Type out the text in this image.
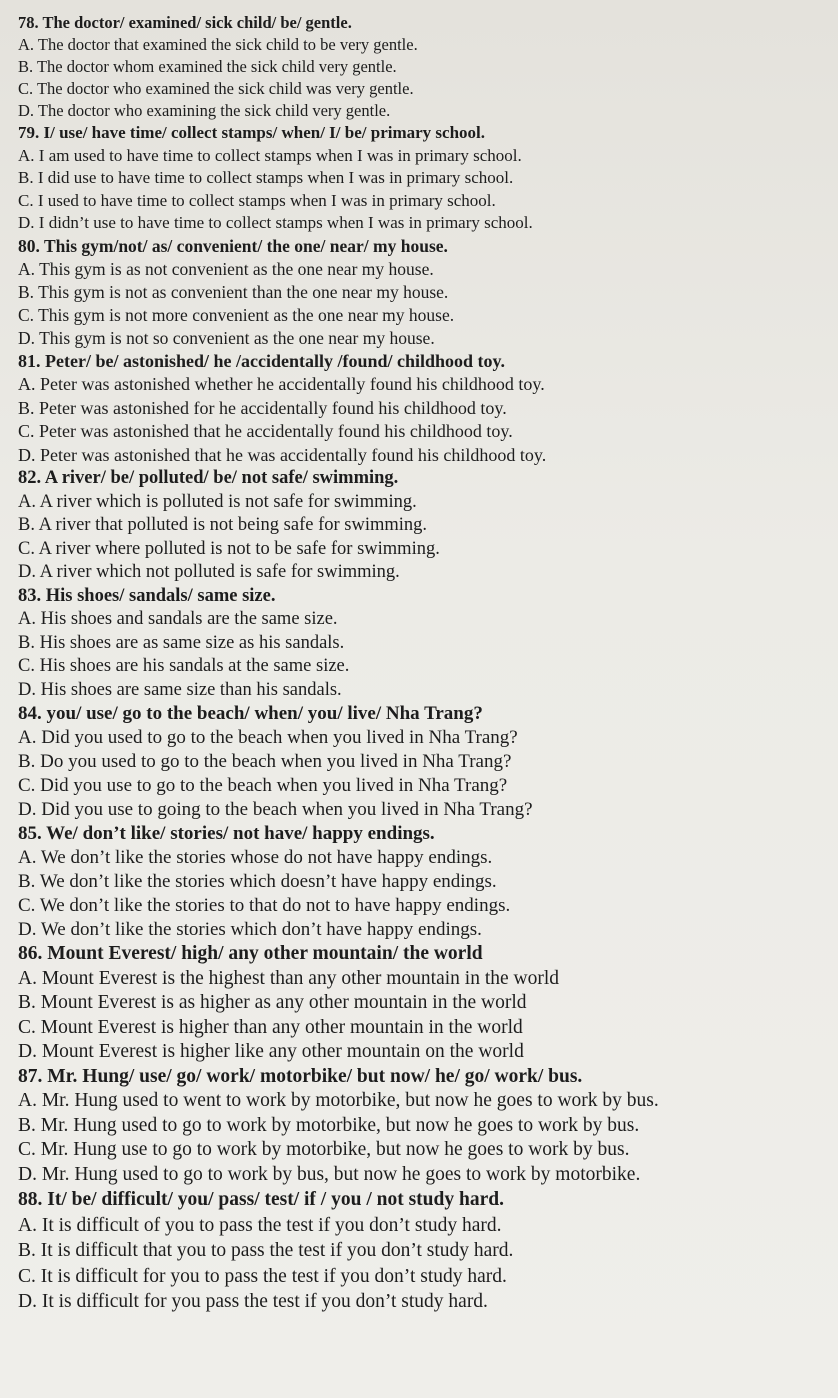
78. The doctor/ examined/ sick child/ be/ gentle.
A. The doctor that examined the sick child to be very gentle.
B. The doctor whom examined the sick child very gentle.
C. The doctor who examined the sick child was very gentle.
D. The doctor who examining the sick child very gentle.
79. I/ use/ have time/ collect stamps/ when/ I/ be/ primary school.
A. I am used to have time to collect stamps when I was in primary school.
B. I did use to have time to collect stamps when I was in primary school.
C. I used to have time to collect stamps when I was in primary school.
D. I didn’t use to have time to collect stamps when I was in primary school.
80. This gym/not/ as/ convenient/ the one/ near/ my house.
A. This gym is as not convenient as the one near my house.
B. This gym is not as convenient than the one near my house.
C. This gym is not more convenient as the one near my house.
D. This gym is not so convenient as the one near my house.
81. Peter/ be/ astonished/ he /accidentally /found/ childhood toy.
A. Peter was astonished whether he accidentally found his childhood toy.
B. Peter was astonished for he accidentally found his childhood toy.
C. Peter was astonished that he accidentally found his childhood toy.
D. Peter was astonished that he was accidentally found his childhood toy.
82. A river/ be/ polluted/ be/ not safe/ swimming.
A. A river which is polluted is not safe for swimming.
B. A river that polluted is not being safe for swimming.
C. A river where polluted is not to be safe for swimming.
D. A river which not polluted is safe for swimming.
83. His shoes/ sandals/ same size.
A. His shoes and sandals are the same size.
B. His shoes are as same size as his sandals.
C. His shoes are his sandals at the same size.
D. His shoes are same size than his sandals.
84. you/ use/ go to the beach/ when/ you/ live/ Nha Trang?
A. Did you used to go to the beach when you lived in Nha Trang?
B. Do you used to go to the beach when you lived in Nha Trang?
C. Did you use to go to the beach when you lived in Nha Trang?
D. Did you use to going to the beach when you lived in Nha Trang?
85. We/ don’t like/ stories/ not have/ happy endings.
A. We don’t like the stories whose do not have happy endings.
B. We don’t like the stories which doesn’t have happy endings.
C. We don’t like the stories to that do not to have happy endings.
D. We don’t like the stories which don’t have happy endings.
86. Mount Everest/ high/ any other mountain/ the world
A. Mount Everest is the highest than any other mountain in the world
B. Mount Everest is as higher as any other mountain in the world
C. Mount Everest is higher than any other mountain in the world
D. Mount Everest is higher like any other mountain on the world
87. Mr. Hung/ use/ go/ work/ motorbike/ but now/ he/ go/ work/ bus.
A. Mr. Hung used to went to work by motorbike, but now he goes to work by bus.
B. Mr. Hung used to go to work by motorbike, but now he goes to work by bus.
C. Mr. Hung use to go to work by motorbike, but now he goes to work by bus.
D. Mr. Hung used to go to work by bus, but now he goes to work by motorbike.
88. It/ be/ difficult/ you/ pass/ test/ if / you / not study hard.
A. It is difficult of you to pass the test if you don’t study hard.
B. It is difficult that you to pass the test if you don’t study hard.
C. It is difficult for you to pass the test if you don’t study hard.
D. It is difficult for you pass the test if you don’t study hard.
